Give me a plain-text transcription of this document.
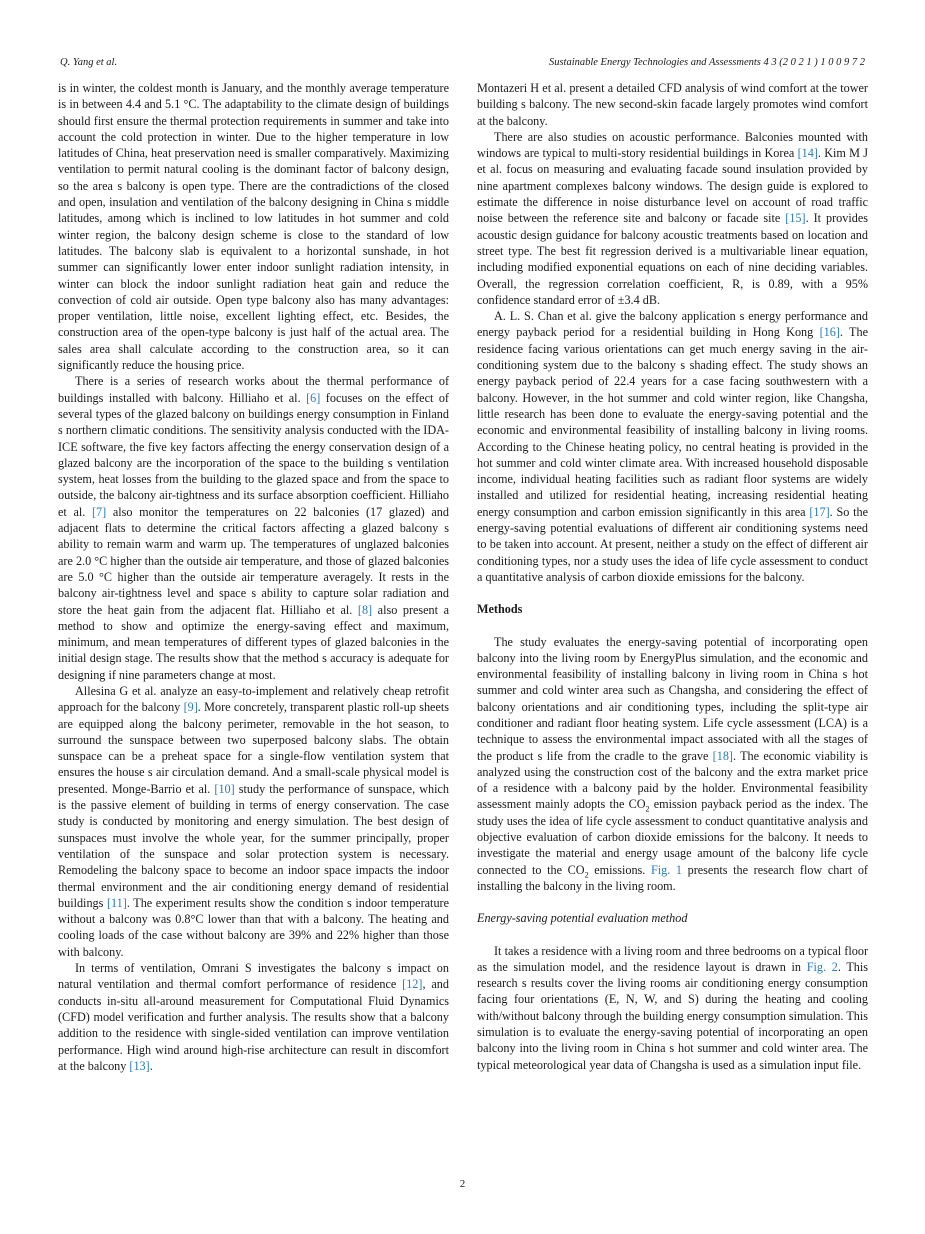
Q. Yang et al.	Sustainable Energy Technologies and Assessments 4 3 (2 0 2 1 ) 1 0 0 9 7 2

is in winter, the coldest month is January, and the monthly average temperature is in between 4.4 and 5.1 °C. The adaptability to the climate design of buildings should first ensure the thermal protection requirements in summer and take into account the cold protection in winter. Due to the higher temperature in low latitudes of China, heat preservation need is smaller comparatively. Maximizing ventilation to permit natural cooling is the dominant factor of balcony design, so the area s balcony is open type. There are the contradictions of the closed and open, insulation and ventilation of the balcony designing in China s middle latitudes, among which is inclined to low latitudes in hot summer and cold winter region, the balcony design scheme is close to the standard of low latitudes. The balcony slab is equivalent to a horizontal sunshade, in hot summer can significantly lower enter indoor sunlight radiation intensity, in winter can block the indoor sunlight radiation heat gain and reduce the convection of cold air outside. Open type balcony also has many advantages: proper ventilation, little noise, excellent lighting effect, etc. Besides, the construction area of the open-type balcony is just half of the actual area. The sales area shall calculate according to the construction area, so it can significantly reduce the housing price.

There is a series of research works about the thermal performance of buildings installed with balcony. Hilliaho et al. [6] focuses on the effect of several types of the glazed balcony on buildings energy consumption in Finland s northern climatic conditions. The sensitivity analysis conducted with the IDA-ICE software, the five key factors affecting the energy conservation design of a glazed balcony are the incorporation of the space to the building s ventilation system, heat losses from the building to the glazed space and from the space to outside, the balcony air-tightness and its surface absorption coefficient. Hilliaho et al. [7] also monitor the temperatures on 22 balconies (17 glazed) and adjacent flats to determine the critical factors affecting a glazed balcony s ability to remain warm and warm up. The temperatures of unglazed balconies are 2.0 °C higher than the outside air temperature, and those of glazed balconies are 5.0 °C higher than the outside air temperature averagely. It rests in the balcony air-tightness level and space s ability to capture solar radiation and store the heat gain from the adjacent flat. Hilliaho et al. [8] also present a method to show and optimize the energy-saving effect and maximum, minimum, and mean temperatures of different types of glazed balconies in the initial design stage. The results show that the method s accuracy is adequate for designing if nine parameters change at most.

Allesina G et al. analyze an easy-to-implement and relatively cheap retrofit approach for the balcony [9]. More concretely, transparent plastic roll-up sheets are equipped along the balcony perimeter, removable in the hot season, to surround the sunspace between two superposed balcony slabs. The obtain sunspace can be a preheat space for a single-flow ventilation system that ensures the house s air circulation demand. And a small-scale physical model is presented. Monge-Barrio et al. [10] study the performance of sunspace, which is the passive element of building in terms of energy conservation. The case study is conducted by monitoring and energy simulation. The best design of sunspaces must involve the whole year, for the summer principally, proper ventilation of the sunspace and solar protection system is necessary. Remodeling the balcony space to become an indoor space impacts the indoor thermal environment and the air conditioning energy demand of residential buildings [11]. The experiment results show the condition s indoor temperature without a balcony was 0.8°C lower than that with a balcony. The heating and cooling loads of the case without balcony are 39% and 22% higher than those with balcony.

In terms of ventilation, Omrani S investigates the balcony s impact on natural ventilation and thermal comfort performance of residence [12], and conducts in-situ all-around measurement for Computational Fluid Dynamics (CFD) model verification and further analysis. The results show that a balcony addition to the residence with single-sided ventilation can improve ventilation performance. High wind around high-rise architecture can result in discomfort at the balcony [13].

Montazeri H et al. present a detailed CFD analysis of wind comfort at the tower building s balcony. The new second-skin facade largely promotes wind comfort at the balcony.

There are also studies on acoustic performance. Balconies mounted with windows are typical to multi-story residential buildings in Korea [14]. Kim M J et al. focus on measuring and evaluating facade sound insulation provided by nine apartment complexes balcony windows. The design guide is explored to estimate the difference in noise disturbance level on account of road traffic noise between the reference site and balcony or facade site [15]. It provides acoustic design guidance for balcony acoustic treatments based on location and street type. The best fit regression derived is a multivariable linear equation, including modified exponential equations on each of nine deciding variables. Overall, the regression correlation coefficient, R, is 0.89, with a 95% confidence standard error of ±3.4 dB.

A. L. S. Chan et al. give the balcony application s energy performance and energy payback period for a residential building in Hong Kong [16]. The residence facing various orientations can get much energy saving in the air-conditioning system due to the balcony s shading effect. The study shows an energy payback period of 22.4 years for a case facing southwestern with a balcony. However, in the hot summer and cold winter region, like Changsha, little research has been done to evaluate the energy-saving potential and the economic and environmental feasibility of installing balcony in living rooms. According to the Chinese heating policy, no central heating is provided in the hot summer and cold winter climate area. With increased household disposable income, individual heating facilities such as radiant floor systems are widely installed and utilized for residential heating, increasing residential heating energy consumption and carbon emission significantly in this area [17]. So the energy-saving potential evaluations of different air conditioning systems need to be taken into account. At present, neither a study on the effect of different air conditioning types, nor a study uses the idea of life cycle assessment to conduct a quantitative analysis of carbon dioxide emissions for the balcony.

Methods

The study evaluates the energy-saving potential of incorporating open balcony into the living room by EnergyPlus simulation, and the economic and environmental feasibility of installing balcony in living room in China s hot summer and cold winter area such as Changsha, and considering the effect of balcony orientations and air conditioning types, including the split-type air conditioner and radiant floor heating system. Life cycle assessment (LCA) is a technique to assess the environmental impact associated with all the stages of the product s life from the cradle to the grave [18]. The economic viability is analyzed using the construction cost of the balcony and the extra market price of a residence with a balcony paid by the holder. Environmental feasibility assessment mainly adopts the $CO_2$ emission payback period as the index. The study uses the idea of life cycle assessment to conduct quantitative analysis and objective evaluation of carbon dioxide emissions for the balcony. It needs to investigate the material and energy usage amount of the balcony life cycle connected to the $CO_2$ emissions. Fig. 1 presents the research flow chart of installing the balcony in the living room.

Energy-saving potential evaluation method

It takes a residence with a living room and three bedrooms on a typical floor as the simulation model, and the residence layout is drawn in Fig. 2. This research s results cover the living rooms air conditioning energy consumption facing four orientations (E, N, W, and S) during the heating and cooling with/without balcony through the building energy consumption simulation. This simulation is to evaluate the energy-saving potential of incorporating an open balcony into the living room in China s hot summer and cold winter area. The typical meteorological year data of Changsha is used as a simulation input file.

2
